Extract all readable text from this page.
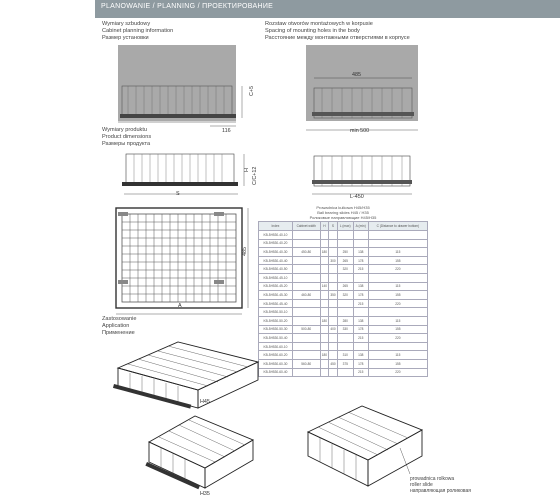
PLANOWANIE / PLANNING / ПРОЕКТИРОВАНИЕ
Wymiary szbudowy
Cabinet planning information
Размер установки
Rozstaw otworów montażowych w korpusie
Spacing of mounting holes in the body
Расстояние между монтажными отверстиями в корпусе
C+5
116
485
min 500
Wymiary produktu
Product dimensions
Размеры продукта
H C/C+12
S	L-450
485
A
Prowadnica kulkowa H45/H35
Ball bearing slides H45 / H35
Роликовые направляющие H45/H35
Index	Cabinet width	H	S	L (max)	A (min)	C (Distance to drawer bottom)
KB-5H530-40-10						
KB-5H530-40-20						
KB-5H530-40-30	450-80	180		250	138	115
KB-5H530-40-40			300	265	178	155
KB-5H530-40-50				320	215	220
KB-5H530-45-10						
KB-5H530-45-20		140		265	138	115
KB-5H530-45-30	460-80		350	320	178	155
KB-5H530-45-40					215	220
KB-5H530-50-10						
KB-5H530-50-20		180		280	138	115
KB-5H530-50-30	500-80		400	330	178	155
KB-5H530-50-40					215	220
KB-5H530-60-10						
KB-5H530-60-20		180		310	138	115
KB-5H530-60-30	560-80		450	375	178	155
KB-5H530-60-40					215	220
Zastosowanie
Application
Применение
H45
H35
prowadnica rolkowa
roller slide
направляющая роликовая
